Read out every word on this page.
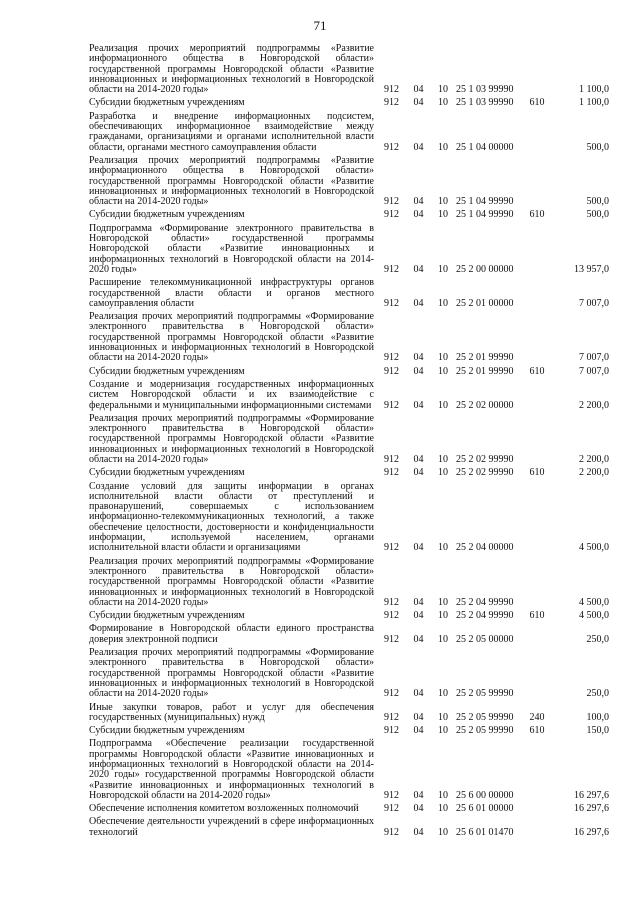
71
Реализация прочих мероприятий подпрограммы «Развитие информационного общества в Новгородской области» государственной программы Новгородской области «Развитие инновационных и информационных технологий в Новгородской области на 2014-2020 годы»	912	04	10	25 1 03 99990		1 100,0
Субсидии бюджетным учреждениям	912	04	10	25 1 03 99990	610	1 100,0
Разработка и внедрение информационных подсистем, обеспечивающих информационное взаимодействие между гражданами, организациями и органами исполнительной власти области, органами местного самоуправления области	912	04	10	25 1 04 00000		500,0
Реализация прочих мероприятий подпрограммы «Развитие информационного общества в Новгородской области» государственной программы Новгородской области «Развитие инновационных и информационных технологий в Новгородской области на 2014-2020 годы»	912	04	10	25 1 04 99990		500,0
Субсидии бюджетным учреждениям	912	04	10	25 1 04 99990	610	500,0
Подпрограмма «Формирование электронного правительства в Новгородской области» государственной программы Новгородской области «Развитие инновационных и информационных технологий в Новгородской области на 2014-2020 годы»	912	04	10	25 2 00 00000		13 957,0
Расширение телекоммуникационной инфраструктуры органов государственной власти области и органов местного самоуправления области	912	04	10	25 2 01 00000		7 007,0
Реализация прочих мероприятий подпрограммы «Формирование электронного правительства в Новгородской области» государственной программы Новгородской области «Развитие инновационных и информационных технологий в Новгородской области на 2014-2020 годы»	912	04	10	25 2 01 99990		7 007,0
Субсидии бюджетным учреждениям	912	04	10	25 2 01 99990	610	7 007,0
Создание и модернизация государственных информационных систем Новгородской области и их взаимодействие с федеральными и муниципальными информационными системами	912	04	10	25 2 02 00000		2 200,0
Реализация прочих мероприятий подпрограммы «Формирование электронного правительства в Новгородской области» государственной программы Новгородской области «Развитие инновационных и информационных технологий в Новгородской области на 2014-2020 годы»	912	04	10	25 2 02 99990		2 200,0
Субсидии бюджетным учреждениям	912	04	10	25 2 02 99990	610	2 200,0
Создание условий для защиты информации в органах исполнительной власти области от преступлений и правонарушений, совершаемых с использованием информационно-телекоммуникационных технологий, а также обеспечение целостности, достоверности и конфиденциальности информации, используемой населением, органами исполнительной власти области и организациями	912	04	10	25 2 04 00000		4 500,0
Реализация прочих мероприятий подпрограммы «Формирование электронного правительства в Новгородской области» государственной программы Новгородской области «Развитие инновационных и информационных технологий в Новгородской области на 2014-2020 годы»	912	04	10	25 2 04 99990		4 500,0
Субсидии бюджетным учреждениям	912	04	10	25 2 04 99990	610	4 500,0
Формирование в Новгородской области единого пространства доверия электронной подписи	912	04	10	25 2 05 00000		250,0
Реализация прочих мероприятий подпрограммы «Формирование электронного правительства в Новгородской области» государственной программы Новгородской области «Развитие инновационных и информационных технологий в Новгородской области на 2014-2020 годы»	912	04	10	25 2 05 99990		250,0
Иные закупки товаров, работ и услуг для обеспечения государственных (муниципальных) нужд	912	04	10	25 2 05 99990	240	100,0
Субсидии бюджетным учреждениям	912	04	10	25 2 05 99990	610	150,0
Подпрограмма «Обеспечение реализации государственной программы Новгородской области «Развитие инновационных и информационных технологий в Новгородской области на 2014-2020 годы» государственной программы Новгородской области «Развитие инновационных и информационных технологий в Новгородской области на 2014-2020 годы»	912	04	10	25 6 00 00000		16 297,6
Обеспечение исполнения комитетом возложенных полномочий	912	04	10	25 6 01 00000		16 297,6
Обеспечение деятельности учреждений в сфере информационных технологий	912	04	10	25 6 01 01470		16 297,6
